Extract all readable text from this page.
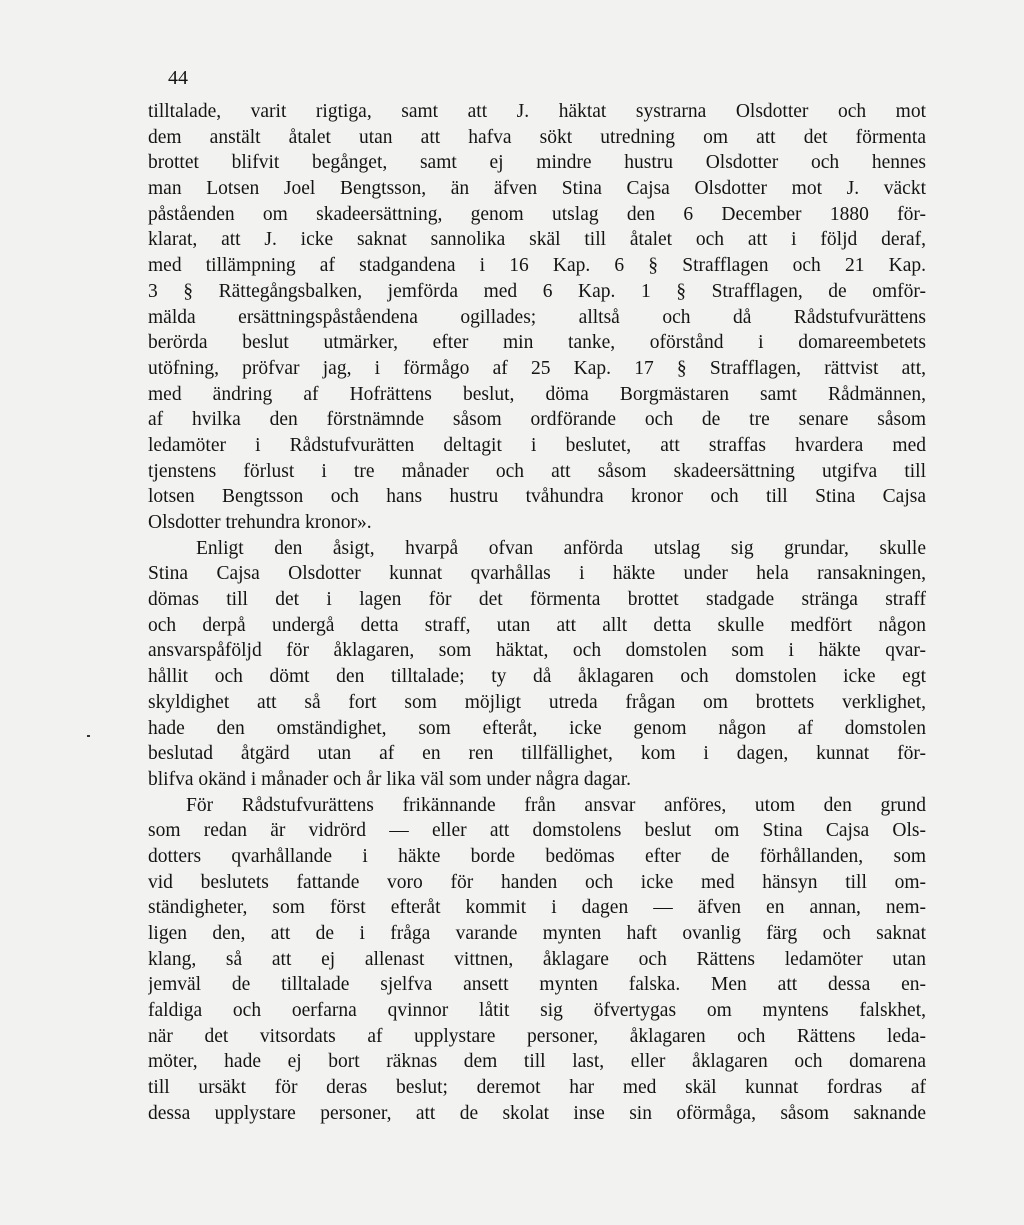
44
tilltalade, varit rigtiga, samt att J. häktat systrarna Olsdotter och mot
dem anstält åtalet utan att hafva sökt utredning om att det förmenta
brottet blifvit begånget, samt ej mindre hustru Olsdotter och hennes
man Lotsen Joel Bengtsson, än äfven Stina Cajsa Olsdotter mot J. väckt
påståenden om skadeersättning, genom utslag den 6 December 1880 för-
klarat, att J. icke saknat sannolika skäl till åtalet och att i följd deraf,
med tillämpning af stadgandena i 16 Kap. 6 § Strafflagen och 21 Kap.
3 § Rättegångsbalken, jemförda med 6 Kap. 1 § Strafflagen, de omför-
mälda ersättningspåståendena ogillades; alltså och då Rådstufvurättens
berörda beslut utmärker, efter min tanke, oförstånd i domareembetets
utöfning, pröfvar jag, i förmågo af 25 Kap. 17 § Strafflagen, rättvist att,
med ändring af Hofrättens beslut, döma Borgmästaren samt Rådmännen,
af hvilka den förstnämnde såsom ordförande och de tre senare såsom
ledamöter i Rådstufvurätten deltagit i beslutet, att straffas hvardera med
tjenstens förlust i tre månader och att såsom skadeersättning utgifva till
lotsen Bengtsson och hans hustru tvåhundra kronor och till Stina Cajsa
Olsdotter trehundra kronor».
Enligt den åsigt, hvarpå ofvan anförda utslag sig grundar, skulle
Stina Cajsa Olsdotter kunnat qvarhållas i häkte under hela ransakningen,
dömas till det i lagen för det förmenta brottet stadgade stränga straff
och derpå undergå detta straff, utan att allt detta skulle medfört någon
ansvarspåföljd för åklagaren, som häktat, och domstolen som i häkte qvar-
hållit och dömt den tilltalade; ty då åklagaren och domstolen icke egt
skyldighet att så fort som möjligt utreda frågan om brottets verklighet,
hade den omständighet, som efteråt, icke genom någon af domstolen
beslutad åtgärd utan af en ren tillfällighet, kom i dagen, kunnat för-
blifva okänd i månader och år lika väl som under några dagar.
För Rådstufvurättens frikännande från ansvar anföres, utom den grund
som redan är vidrörd — eller att domstolens beslut om Stina Cajsa Ols-
dotters qvarhållande i häkte borde bedömas efter de förhållanden, som
vid beslutets fattande voro för handen och icke med hänsyn till om-
ständigheter, som först efteråt kommit i dagen — äfven en annan, nem-
ligen den, att de i fråga varande mynten haft ovanlig färg och saknat
klang, så att ej allenast vittnen, åklagare och Rättens ledamöter utan
jemväl de tilltalade sjelfva ansett mynten falska. Men att dessa en-
faldiga och oerfarna qvinnor låtit sig öfvertygas om myntens falskhet,
när det vitsordats af upplystare personer, åklagaren och Rättens leda-
möter, hade ej bort räknas dem till last, eller åklagaren och domarena
till ursäkt för deras beslut; deremot har med skäl kunnat fordras af
dessa upplystare personer, att de skolat inse sin oförmåga, såsom saknande
